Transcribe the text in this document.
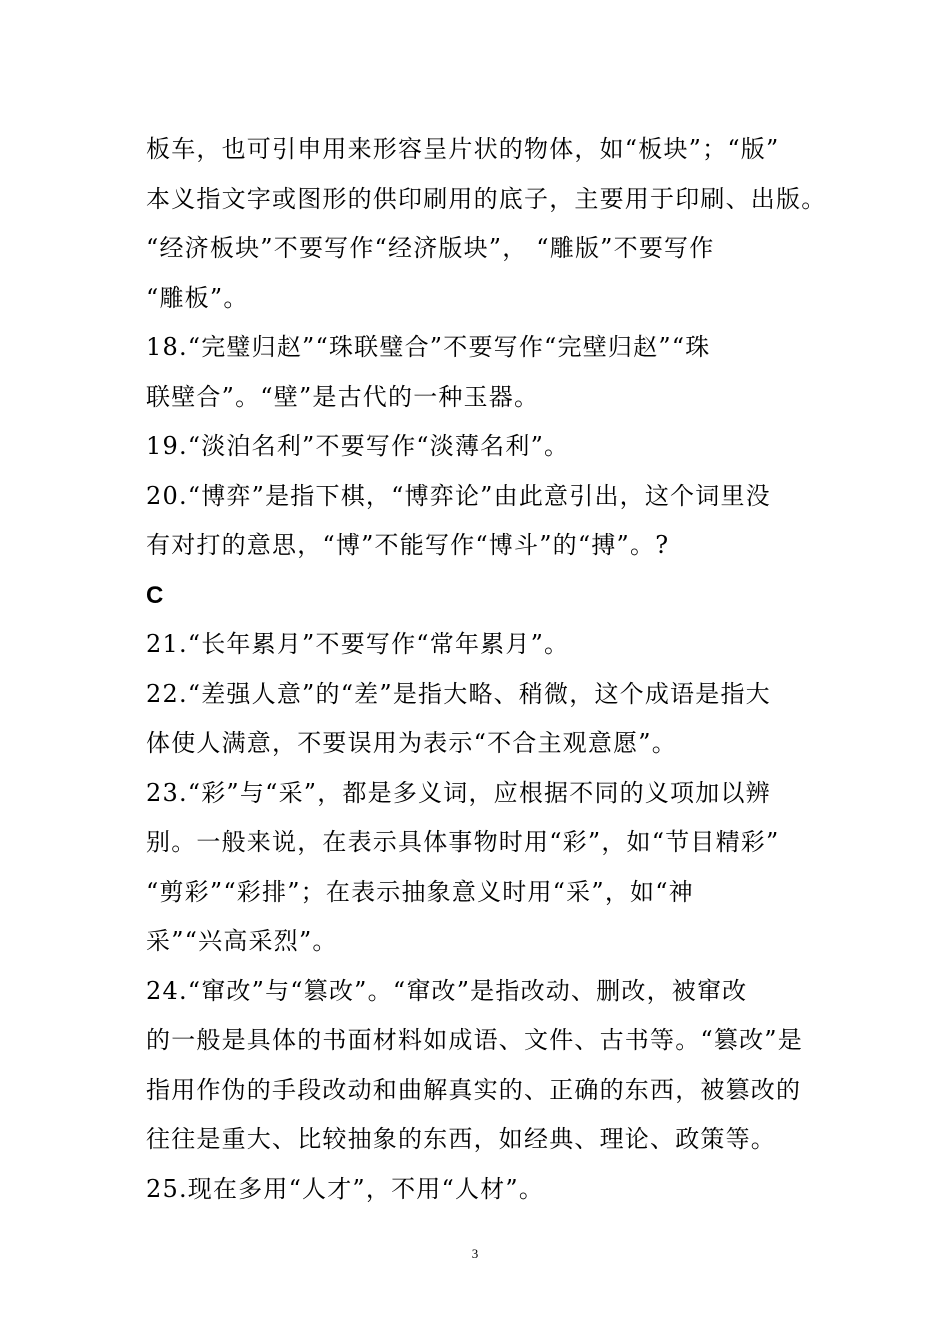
板车，也可引申用来形容呈片状的物体，如“板块”；“版”
本义指文字或图形的供印刷用的底子，主要用于印刷、出版。
“经济板块”不要写作“经济版块”， “雕版”不要写作
“雕板”。
18.“完璧归赵”“珠联璧合”不要写作“完壁归赵”“珠
联壁合”。“壁”是古代的一种玉器。
19.“淡泊名利”不要写作“淡薄名利”。
20.“博弈”是指下棋，“博弈论”由此意引出，这个词里没
有对打的意思，“博”不能写作“博斗”的“搏”。?
C
21.“长年累月”不要写作“常年累月”。
22.“差强人意”的“差”是指大略、稍微，这个成语是指大
体使人满意，不要误用为表示“不合主观意愿”。
23.“彩”与“采”，都是多义词，应根据不同的义项加以辨
别。一般来说，在表示具体事物时用“彩”，如“节目精彩”
“剪彩”“彩排”；在表示抽象意义时用“采”，如“神
采”“兴高采烈”。
24.“窜改”与“篡改”。“窜改”是指改动、删改，被窜改
的一般是具体的书面材料如成语、文件、古书等。“篡改”是
指用作伪的手段改动和曲解真实的、正确的东西，被篡改的
往往是重大、比较抽象的东西，如经典、理论、政策等。
25.现在多用“人才”，不用“人材”。
3
